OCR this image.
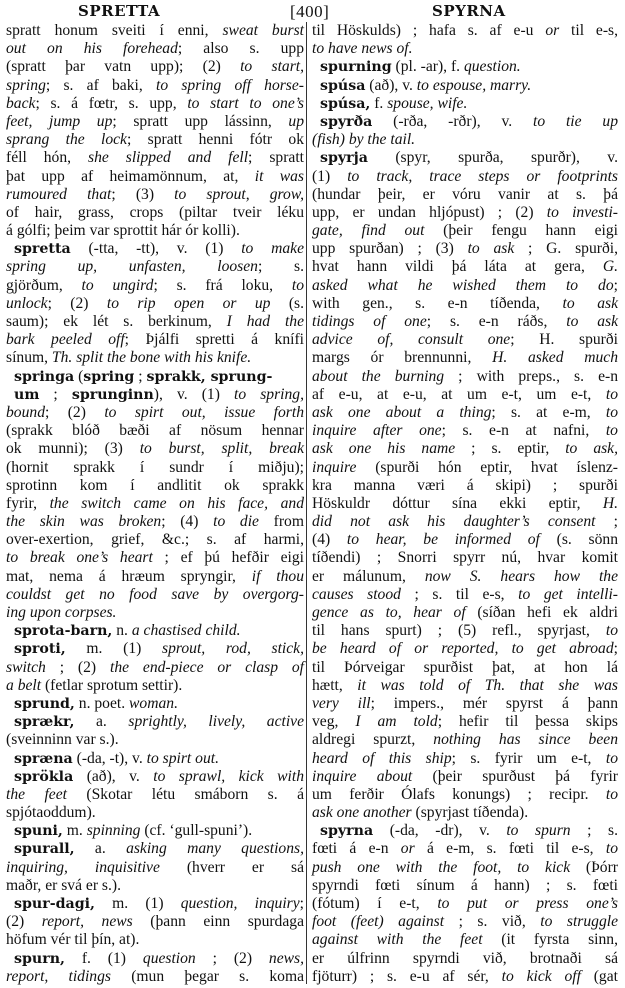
SPRETTA	[400]	SPYRNA
spratt honum sveiti í enni, sweat burst
out on his forehead; also s. upp
(spratt þar vatn upp); (2) to start,
spring; s. af baki, to spring off horse-
back; s. á fœtr, s. upp, to start to one’s
feet, jump up; spratt upp lássinn, up
sprang the lock; spratt henni fótr ok
féll hón, she slipped and fell; spratt
þat upp af heimamönnum, at, it was
rumoured that; (3) to sprout, grow,
of hair, grass, crops (piltar tveir léku
á gólfi; þeim var sprottit hár ór kolli).
spretta (-tta, -tt), v. (1) to make
spring up, unfasten, loosen; s.
gjörðum, to ungird; s. frá loku, to
unlock; (2) to rip open or up (s.
saum); ek lét s. berkinum, I had the
bark peeled off; Þjálfi spretti á knífi
sínum, Th. split the bone with his knife.
springa (spring ; sprakk, sprung-
um ; sprunginn), v. (1) to spring,
bound; (2) to spirt out, issue forth
(sprakk blóð bæði af nösum hennar
ok munni); (3) to burst, split, break
(hornit sprakk í sundr í miðju);
sprotinn kom í andlitit ok sprakk
fyrir, the switch came on his face, and
the skin was broken; (4) to die from
over-exertion, grief, &c.; s. af harmi,
to break one’s heart ; ef þú hefðir eigi
mat, nema á hræum spryngir, if thou
couldst get no food save by overgorg-
ing upon corpses.
sprota-barn, n. a chastised child.
sproti, m. (1) sprout, rod, stick,
switch ; (2) the end-piece or clasp of
a belt (fetlar sprotum settir).
sprund, n. poet. woman.
sprækr, a. sprightly, lively, active
(sveinninn var s.).
spræna (-da, -t), v. to spirt out.
sprökla (að), v. to sprawl, kick with
the feet (Skotar létu smáborn s. á
spjótaoddum).
spuni, m. spinning (cf. ‘gull-spuni’).
spurall, a. asking many questions,
inquiring, inquisitive (hverr er sá
maðr, er svá er s.).
spur-dagi, m. (1) question, inquiry;
(2) report, news (þann einn spurdaga
höfum vér til þín, at).
spurn, f. (1) question ; (2) news,
report, tidings (mun þegar s. koma
til Höskulds) ; hafa s. af e-u or til e-s,
to have news of.
spurning (pl. -ar), f. question.
spúsa (að), v. to espouse, marry.
spúsa, f. spouse, wife.
spyrða (-rða, -rðr), v. to tie up
(fish) by the tail.
spyrja (spyr, spurða, spurðr), v.
(1) to track, trace steps or footprints
(hundar þeir, er vóru vanir at s. þá
upp, er undan hljópust) ; (2) to investi-
gate, find out (þeir fengu hann eigi
upp spurðan) ; (3) to ask ; G. spurði,
hvat hann vildi þá láta at gera, G.
asked what he wished them to do;
with gen., s. e-n tíðenda, to ask
tidings of one; s. e-n ráðs, to ask
advice of, consult one; H. spurði
margs ór brennunni, H. asked much
about the burning ; with preps., s. e-n
af e-u, at e-u, at um e-t, um e-t, to
ask one about a thing; s. at e-m, to
inquire after one; s. e-n at nafni, to
ask one his name ; s. eptir, to ask,
inquire (spurði hón eptir, hvat íslenz-
kra manna væri á skipi) ; spurði
Höskuldr dóttur sína ekki eptir, H.
did not ask his daughter’s consent ;
(4) to hear, be informed of (s. sönn
tíðendi) ; Snorri spyrr nú, hvar komit
er málunum, now S. hears how the
causes stood ; s. til e-s, to get intelli-
gence as to, hear of (síðan hefi ek aldri
til hans spurt) ; (5) refl., spyrjast, to
be heard of or reported, to get abroad;
til Þórveigar spurðist þat, at hon lá
hætt, it was told of Th. that she was
very ill; impers., mér spyrst á þann
veg, I am told; hefir til þessa skips
aldregi spurzt, nothing has since been
heard of this ship; s. fyrir um e-t, to
inquire about (þeir spurðust þá fyrir
um ferðir Ólafs konungs) ; recipr. to
ask one another (spyrjast tíðenda).
spyrna (-da, -dr), v. to spurn ; s.
fœti á e-n or á e-m, s. fœti til e-s, to
push one with the foot, to kick (Þórr
spyrndi fœti sínum á hann) ; s. fœti
(fótum) í e-t, to put or press one’s
foot (feet) against ; s. við, to struggle
against with the feet (it fyrsta sinn,
er úlfrinn spyrndi við, brotnaði sá
fjöturr) ; s. e-u af sér, to kick off (gat
